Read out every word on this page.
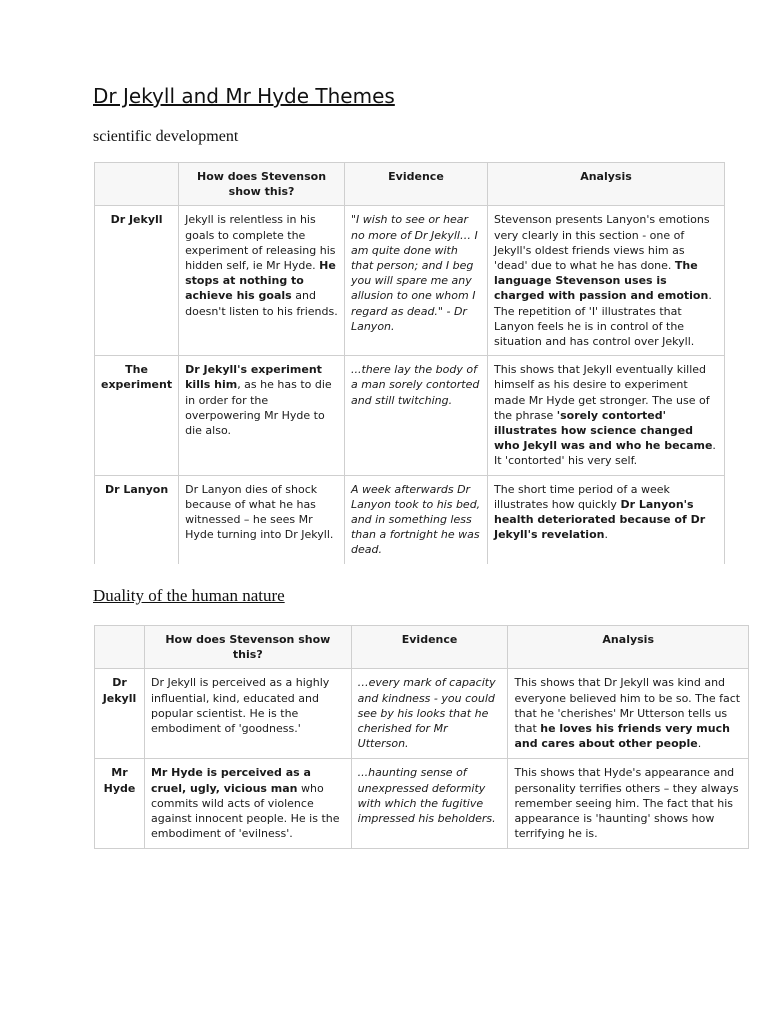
Dr Jekyll and Mr Hyde Themes
scientific development
	How does Stevenson show this?	Evidence	Analysis
Dr Jekyll	Jekyll is relentless in his goals to complete the experiment of releasing his hidden self, ie Mr Hyde. He stops at nothing to achieve his goals and doesn't listen to his friends.	"I wish to see or hear no more of Dr Jekyll… I am quite done with that person; and I beg you will spare me any allusion to one whom I regard as dead." - Dr Lanyon.	Stevenson presents Lanyon's emotions very clearly in this section - one of Jekyll's oldest friends views him as 'dead' due to what he has done. The language Stevenson uses is charged with passion and emotion. The repetition of 'I' illustrates that Lanyon feels he is in control of the situation and has control over Jekyll.
The experiment	Dr Jekyll's experiment kills him, as he has to die in order for the overpowering Mr Hyde to die also.	...there lay the body of a man sorely contorted and still twitching.	This shows that Jekyll eventually killed himself as his desire to experiment made Mr Hyde get stronger. The use of the phrase 'sorely contorted' illustrates how science changed who Jekyll was and who he became. It 'contorted' his very self.
Dr Lanyon	Dr Lanyon dies of shock because of what he has witnessed – he sees Mr Hyde turning into Dr Jekyll.	A week afterwards Dr Lanyon took to his bed, and in something less than a fortnight he was dead.	The short time period of a week illustrates how quickly Dr Lanyon's health deteriorated because of Dr Jekyll's revelation.
Duality of the human nature
	How does Stevenson show this?	Evidence	Analysis
Dr Jekyll	Dr Jekyll is perceived as a highly influential, kind, educated and popular scientist. He is the embodiment of 'goodness.'	…every mark of capacity and kindness - you could see by his looks that he cherished for Mr Utterson.	This shows that Dr Jekyll was kind and everyone believed him to be so. The fact that he 'cherishes' Mr Utterson tells us that he loves his friends very much and cares about other people.
Mr Hyde	Mr Hyde is perceived as a cruel, ugly, vicious man who commits wild acts of violence against innocent people. He is the embodiment of 'evilness'.	...haunting sense of unexpressed deformity with which the fugitive impressed his beholders.	This shows that Hyde's appearance and personality terrifies others – they always remember seeing him. The fact that his appearance is 'haunting' shows how terrifying he is.
